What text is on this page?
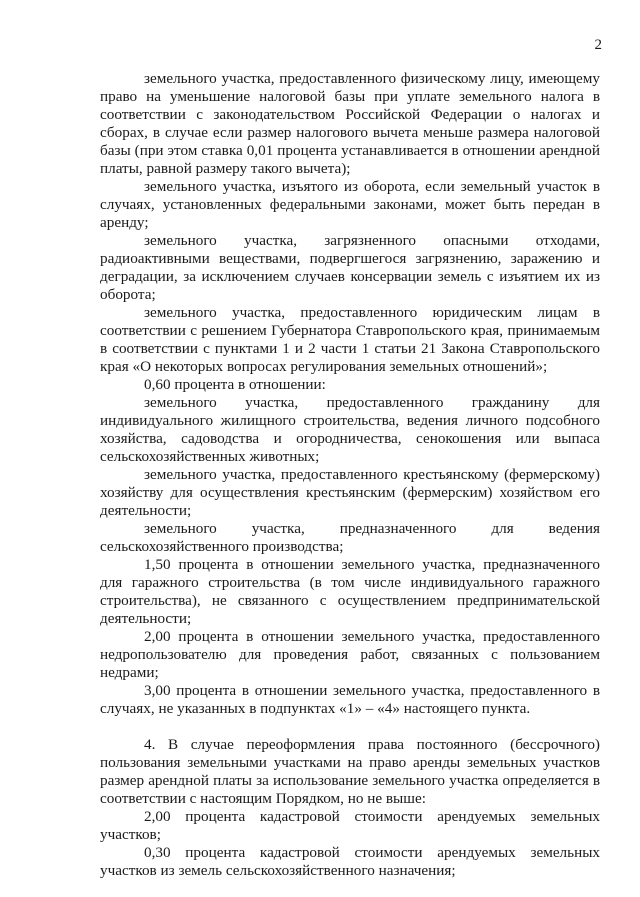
2

земельного участка, предоставленного физическому лицу, имеющему право на уменьшение налоговой базы при уплате земельного налога в соответствии с законодательством Российской Федерации о налогах и сборах, в случае если размер налогового вычета меньше размера налоговой базы (при этом ставка 0,01 процента устанавливается в отношении арендной платы, равной размеру такого вычета);

земельного участка, изъятого из оборота, если земельный участок в случаях, установленных федеральными законами, может быть передан в аренду;

земельного участка, загрязненного опасными отходами, радиоактивными веществами, подвергшегося загрязнению, заражению и деградации, за исключением случаев консервации земель с изъятием их из оборота;

земельного участка, предоставленного юридическим лицам в соответствии с решением Губернатора Ставропольского края, принимаемым в соответствии с пунктами 1 и 2 части 1 статьи 21 Закона Ставропольского края «О некоторых вопросах регулирования земельных отношений»;

0,60 процента в отношении:

земельного участка, предоставленного гражданину для индивидуального жилищного строительства, ведения личного подсобного хозяйства, садоводства и огородничества, сенокошения или выпаса сельскохозяйственных животных;

земельного участка, предоставленного крестьянскому (фермерскому) хозяйству для осуществления крестьянским (фермерским) хозяйством его деятельности;

земельного участка, предназначенного для ведения сельскохозяйственного производства;

1,50 процента в отношении земельного участка, предназначенного для гаражного строительства (в том числе индивидуального гаражного строительства), не связанного с осуществлением предпринимательской деятельности;

2,00 процента в отношении земельного участка, предоставленного недропользователю для проведения работ, связанных с пользованием недрами;

3,00 процента в отношении земельного участка, предоставленного в случаях, не указанных в подпунктах «1» – «4» настоящего пункта.

4. В случае переоформления права постоянного (бессрочного) пользования земельными участками на право аренды земельных участков размер арендной платы за использование земельного участка определяется в соответствии с настоящим Порядком, но не выше:

2,00 процента кадастровой стоимости арендуемых земельных участков;

0,30 процента кадастровой стоимости арендуемых земельных участков из земель сельскохозяйственного назначения;
